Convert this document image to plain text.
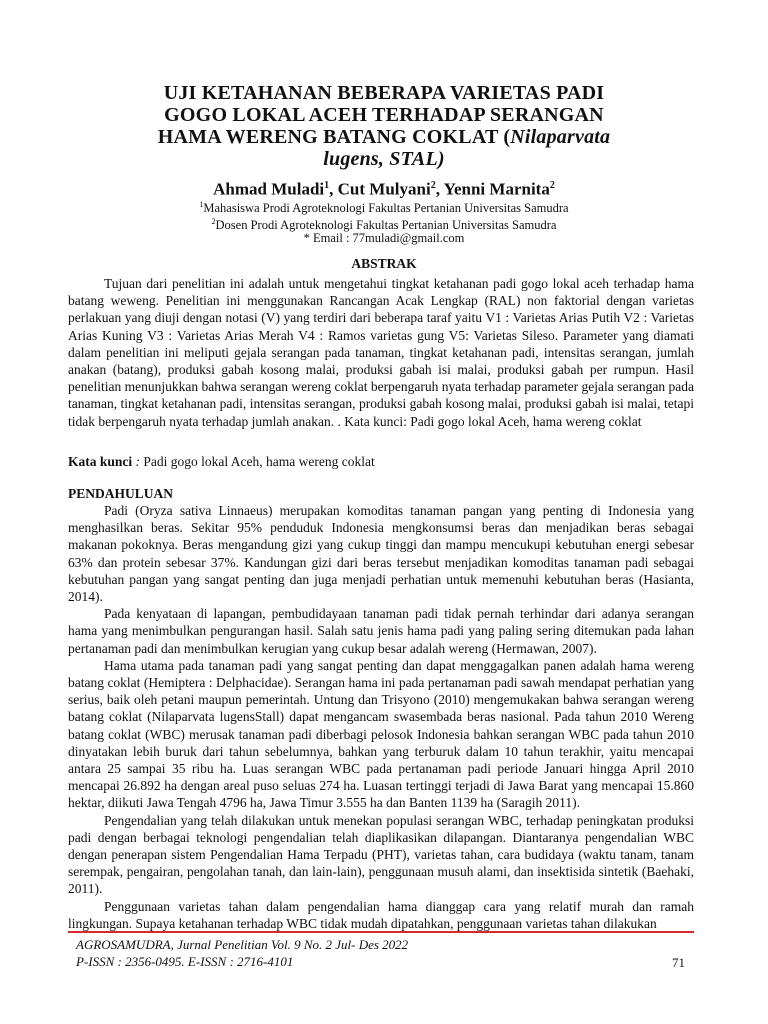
UJI KETAHANAN BEBERAPA VARIETAS PADI
GOGO LOKAL ACEH TERHADAP SERANGAN
HAMA WERENG BATANG COKLAT (Nilaparvata
lugens, STAL)
Ahmad Muladi$^1$, Cut Mulyani$^2$, Yenni Marnita$^2$
$^1$Mahasiswa Prodi Agroteknologi Fakultas Pertanian Universitas Samudra
$^2$Dosen Prodi Agroteknologi Fakultas Pertanian Universitas Samudra
* Email : 77muladi@gmail.com
ABSTRAK

Tujuan dari penelitian ini adalah untuk mengetahui tingkat ketahanan padi gogo lokal aceh terhadap hama batang weweng. Penelitian ini menggunakan Rancangan Acak Lengkap (RAL) non faktorial dengan varietas perlakuan yang diuji dengan notasi (V) yang terdiri dari beberapa taraf yaitu V1 : Varietas Arias Putih V2 : Varietas Arias Kuning V3 : Varietas Arias Merah V4 : Ramos varietas gung V5: Varietas Sileso. Parameter yang diamati dalam penelitian ini meliputi gejala serangan pada tanaman, tingkat ketahanan padi, intensitas serangan, jumlah anakan (batang), produksi gabah kosong malai, produksi gabah isi malai, produksi gabah per rumpun. Hasil penelitian menunjukkan bahwa serangan wereng coklat berpengaruh nyata terhadap parameter gejala serangan pada tanaman, tingkat ketahanan padi, intensitas serangan, produksi gabah kosong malai, produksi gabah isi malai, tetapi tidak berpengaruh nyata terhadap jumlah anakan. . Kata kunci: Padi gogo lokal Aceh, hama wereng coklat

Kata kunci : Padi gogo lokal Aceh, hama wereng coklat
PENDAHULUAN

Padi (Oryza sativa Linnaeus) merupakan komoditas tanaman pangan yang penting di Indonesia yang menghasilkan beras. Sekitar 95% penduduk Indonesia mengkonsumsi beras dan menjadikan beras sebagai makanan pokoknya. Beras mengandung gizi yang cukup tinggi dan mampu mencukupi kebutuhan energi sebesar 63% dan protein sebesar 37%. Kandungan gizi dari beras tersebut menjadikan komoditas tanaman padi sebagai kebutuhan pangan yang sangat penting dan juga menjadi perhatian untuk memenuhi kebutuhan beras (Hasianta, 2014).

Pada kenyataan di lapangan, pembudidayaan tanaman padi tidak pernah terhindar dari adanya serangan hama yang menimbulkan pengurangan hasil. Salah satu jenis hama padi yang paling sering ditemukan pada lahan pertanaman padi dan menimbulkan kerugian yang cukup besar adalah wereng (Hermawan, 2007).

Hama utama pada tanaman padi yang sangat penting dan dapat menggagalkan panen adalah hama wereng batang coklat (Hemiptera : Delphacidae). Serangan hama ini pada pertanaman padi sawah mendapat perhatian yang serius, baik oleh petani maupun pemerintah. Untung dan Trisyono (2010) mengemukakan bahwa serangan wereng batang coklat (Nilaparvata lugensStall) dapat mengancam swasembada beras nasional. Pada tahun 2010 Wereng batang coklat (WBC) merusak tanaman padi diberbagi pelosok Indonesia bahkan serangan WBC pada tahun 2010 dinyatakan lebih buruk dari tahun sebelumnya, bahkan yang terburuk dalam 10 tahun terakhir, yaitu mencapai antara 25 sampai 35 ribu ha. Luas serangan WBC pada pertanaman padi periode Januari hingga April 2010 mencapai 26.892 ha dengan areal puso seluas 274 ha. Luasan tertinggi terjadi di Jawa Barat yang mencapai 15.860 hektar, diikuti Jawa Tengah 4796 ha, Jawa Timur 3.555 ha dan Banten 1139 ha (Saragih 2011).

Pengendalian yang telah dilakukan untuk menekan populasi serangan WBC, terhadap peningkatan produksi padi dengan berbagai teknologi pengendalian telah diaplikasikan dilapangan. Diantaranya pengendalian WBC dengan penerapan sistem Pengendalian Hama Terpadu (PHT), varietas tahan, cara budidaya (waktu tanam, tanam serempak, pengairan, pengolahan tanah, dan lain-lain), penggunaan musuh alami, dan insektisida sintetik (Baehaki, 2011).

Penggunaan varietas tahan dalam pengendalian hama dianggap cara yang relatif murah dan ramah lingkungan. Supaya ketahanan terhadap WBC tidak mudah dipatahkan, penggunaan varietas tahan dilakukan

AGROSAMUDRA, Jurnal Penelitian Vol. 9 No. 2 Jul- Des 2022
P-ISSN : 2356-0495. E-ISSN : 2716-4101	71
